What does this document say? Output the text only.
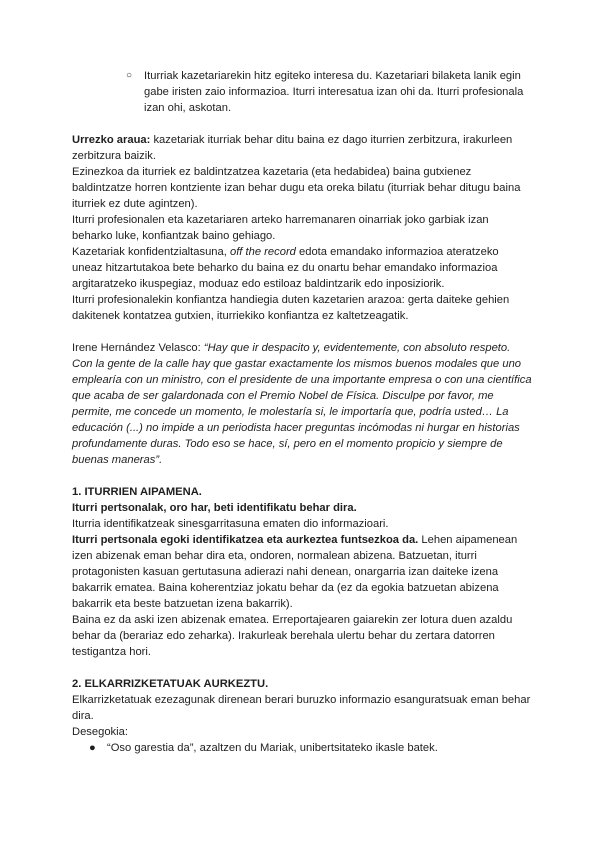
○	Iturriak kazetariarekin hitz egiteko interesa du. Kazetariari bilaketa lanik egin gabe iristen zaio informazioa. Iturri interesatua izan ohi da. Iturri profesionala izan ohi, askotan.

Urrezko araua: kazetariak iturriak behar ditu baina ez dago iturrien zerbitzura, irakurleen zerbitzura baizik.

Ezinezkoa da iturriek ez baldintzatzea kazetaria (eta hedabidea) baina gutxienez baldintzatze horren kontziente izan behar dugu eta oreka bilatu (iturriak behar ditugu baina iturriek ez dute agintzen).

Iturri profesionalen eta kazetariaren arteko harremanaren oinarriak joko garbiak izan beharko luke, konfiantzak baino gehiago.

Kazetariak konfidentzialtasuna, off the record edota emandako informazioa ateratzeko uneaz hitzartutakoa bete beharko du baina ez du onartu behar emandako informazioa argitaratzeko ikuspegiaz, moduaz edo estiloaz baldintzarik edo inposiziorik.

Iturri profesionalekin konfiantza handiegia duten kazetarien arazoa: gerta daiteke gehien dakitenek kontatzea gutxien, iturriekiko konfiantza ez kaltetzeagatik.

Irene Hernández Velasco: “Hay que ir despacito y, evidentemente, con absoluto respeto. Con la gente de la calle hay que gastar exactamente los mismos buenos modales que uno emplearía con un ministro, con el presidente de una importante empresa o con una científica que acaba de ser galardonada con el Premio Nobel de Física. Disculpe por favor, me permite, me concede un momento, le molestaría si, le importaría que, podría usted… La educación (...) no impide a un periodista hacer preguntas incómodas ni hurgar en historias profundamente duras. Todo eso se hace, sí, pero en el momento propicio y siempre de buenas maneras”.

1. ITURRIEN AIPAMENA.

Iturri pertsonalak, oro har, beti identifikatu behar dira.

Iturria identifikatzeak sinesgarritasuna ematen dio informazioari.

Iturri pertsonala egoki identifikatzea eta aurkeztea funtsezkoa da. Lehen aipamenean izen abizenak eman behar dira eta, ondoren, normalean abizena. Batzuetan, iturri protagonisten kasuan gertutasuna adierazi nahi denean, onargarria izan daiteke izena bakarrik ematea. Baina koherentziaz jokatu behar da (ez da egokia batzuetan abizena bakarrik eta beste batzuetan izena bakarrik).

Baina ez da aski izen abizenak ematea. Erreportajearen gaiarekin zer lotura duen azaldu behar da (berariaz edo zeharka). Irakurleak berehala ulertu behar du zertara datorren testigantza hori.

2. ELKARRIZKETATUAK AURKEZTU.

Elkarrizketatuak ezezagunak direnean berari buruzko informazio esanguratsuak eman behar dira.

Desegokia:

●	“Oso garestia da”, azaltzen du Mariak, unibertsitateko ikasle batek.
